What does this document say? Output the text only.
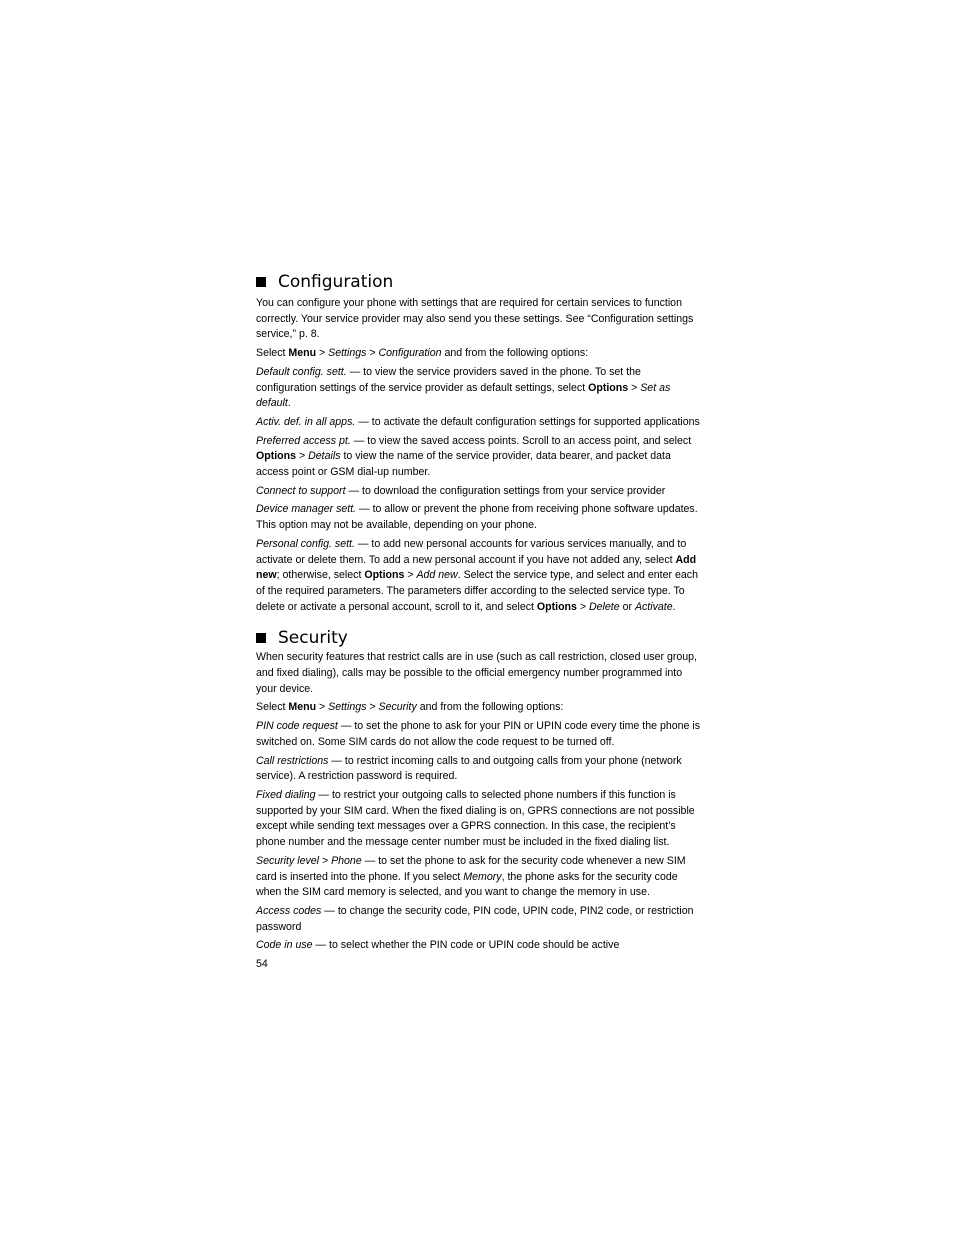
Configuration

You can configure your phone with settings that are required for certain services to function correctly. Your service provider may also send you these settings. See “Configuration settings service,” p. 8.

Select Menu > Settings > Configuration and from the following options:

Default config. sett. — to view the service providers saved in the phone. To set the configuration settings of the service provider as default settings, select Options > Set as default.

Activ. def. in all apps. — to activate the default configuration settings for supported applications

Preferred access pt. — to view the saved access points. Scroll to an access point, and select Options > Details to view the name of the service provider, data bearer, and packet data access point or GSM dial-up number.

Connect to support — to download the configuration settings from your service provider

Device manager sett. — to allow or prevent the phone from receiving phone software updates. This option may not be available, depending on your phone.

Personal config. sett. — to add new personal accounts for various services manually, and to activate or delete them. To add a new personal account if you have not added any, select Add new; otherwise, select Options > Add new. Select the service type, and select and enter each of the required parameters. The parameters differ according to the selected service type. To delete or activate a personal account, scroll to it, and select Options > Delete or Activate.

Security

When security features that restrict calls are in use (such as call restriction, closed user group, and fixed dialing), calls may be possible to the official emergency number programmed into your device.

Select Menu > Settings > Security and from the following options:

PIN code request — to set the phone to ask for your PIN or UPIN code every time the phone is switched on. Some SIM cards do not allow the code request to be turned off.

Call restrictions — to restrict incoming calls to and outgoing calls from your phone (network service). A restriction password is required.

Fixed dialing — to restrict your outgoing calls to selected phone numbers if this function is supported by your SIM card. When the fixed dialing is on, GPRS connections are not possible except while sending text messages over a GPRS connection. In this case, the recipient’s phone number and the message center number must be included in the fixed dialing list.

Security level > Phone — to set the phone to ask for the security code whenever a new SIM card is inserted into the phone. If you select Memory, the phone asks for the security code when the SIM card memory is selected, and you want to change the memory in use.

Access codes — to change the security code, PIN code, UPIN code, PIN2 code, or restriction password

Code in use — to select whether the PIN code or UPIN code should be active

54
